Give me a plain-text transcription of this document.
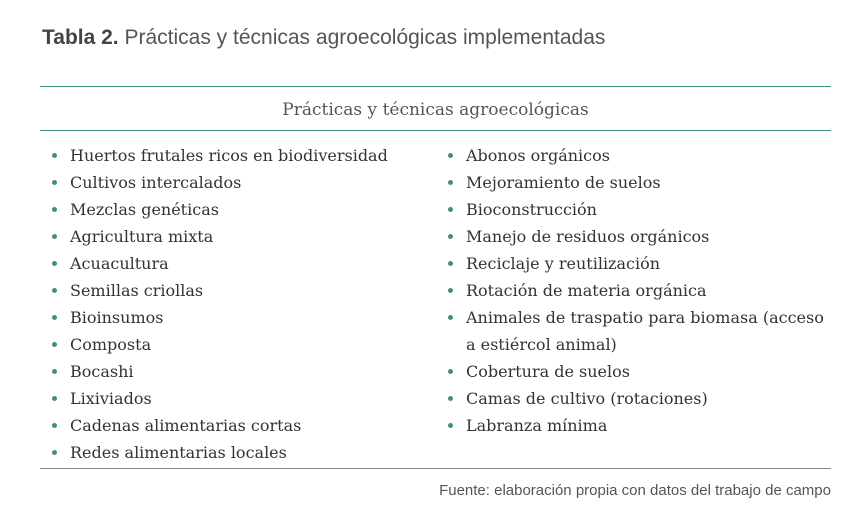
Tabla 2. Prácticas y técnicas agroecológicas implementadas
Prácticas y técnicas agroecológicas
Huertos frutales ricos en biodiversidad
Cultivos intercalados
Mezclas genéticas
Agricultura mixta
Acuacultura
Semillas criollas
Bioinsumos
Composta
Bocashi
Lixiviados
Cadenas alimentarias cortas
Redes alimentarias locales
Abonos orgánicos
Mejoramiento de suelos
Bioconstrucción
Manejo de residuos orgánicos
Reciclaje y reutilización
Rotación de materia orgánica
Animales de traspatio para biomasa (acceso a estiércol animal)
Cobertura de suelos
Camas de cultivo (rotaciones)
Labranza mínima
Fuente: elaboración propia con datos del trabajo de campo
